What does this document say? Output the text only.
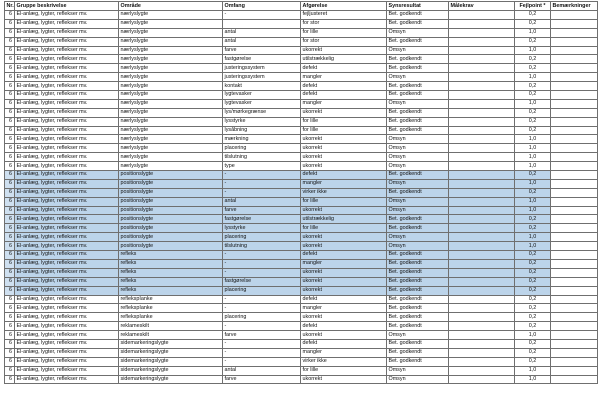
Nr.	Gruppe beskrivelse	Område	Omfang	Afgørelse	Synsresultat	Målekrav	Fejlpoint *	Bemærkninger
6	El-anlæg, lygter, reflekser mv.	nærlyslygte	-	fejljusteret	Bet. godkendt		0,2	
6	El-anlæg, lygter, reflekser mv.	nærlyslygte		for stor	Bet. godkendt		0,2	
6	El-anlæg, lygter, reflekser mv.	nærlyslygte	antal	for lille	Omsyn		1,0	
6	El-anlæg, lygter, reflekser mv.	nærlyslygte	antal	for stor	Bet. godkendt		0,2	
6	El-anlæg, lygter, reflekser mv.	nærlyslygte	farve	ukorrekt	Omsyn		1,0	
6	El-anlæg, lygter, reflekser mv.	nærlyslygte	fastgørelse	utilstrækkelig	Bet. godkendt		0,2	
6	El-anlæg, lygter, reflekser mv.	nærlyslygte	justeringssystem	defekt	Bet. godkendt		0,2	
6	El-anlæg, lygter, reflekser mv.	nærlyslygte	justeringssystem	mangler	Omsyn		1,0	
6	El-anlæg, lygter, reflekser mv.	nærlyslygte	kontakt	defekt	Bet. godkendt		0,2	
6	El-anlæg, lygter, reflekser mv.	nærlyslygte	lygtevasker	defekt	Bet. godkendt		0,2	
6	El-anlæg, lygter, reflekser mv.	nærlyslygte	lygtevasker	mangler	Omsyn		1,0	
6	El-anlæg, lygter, reflekser mv.	nærlyslygte	lys/mørkegrænse	ukorrekt	Bet. godkendt		0,2	
6	El-anlæg, lygter, reflekser mv.	nærlyslygte	lysstyrke	for lille	Bet. godkendt		0,2	
6	El-anlæg, lygter, reflekser mv.	nærlyslygte	lysåbning	for lille	Bet. godkendt		0,2	
6	El-anlæg, lygter, reflekser mv.	nærlyslygte	mærkning	ukorrekt	Omsyn		1,0	
6	El-anlæg, lygter, reflekser mv.	nærlyslygte	placering	ukorrekt	Omsyn		1,0	
6	El-anlæg, lygter, reflekser mv.	nærlyslygte	tilslutning	ukorrekt	Omsyn		1,0	
6	El-anlæg, lygter, reflekser mv.	nærlyslygte	type	ukorrekt	Omsyn		1,0	
6	El-anlæg, lygter, reflekser mv.	positionslygte	-	defekt	Bet. godkendt		0,2	
6	El-anlæg, lygter, reflekser mv.	positionslygte	-	mangler	Omsyn		1,0	
6	El-anlæg, lygter, reflekser mv.	positionslygte	-	virker ikke	Bet. godkendt		0,2	
6	El-anlæg, lygter, reflekser mv.	positionslygte	antal	for lille	Omsyn		1,0	
6	El-anlæg, lygter, reflekser mv.	positionslygte	farve	ukorrekt	Omsyn		1,0	
6	El-anlæg, lygter, reflekser mv.	positionslygte	fastgørelse	utilstrækkelig	Bet. godkendt		0,2	
6	El-anlæg, lygter, reflekser mv.	positionslygte	lysstyrke	for lille	Bet. godkendt		0,2	
6	El-anlæg, lygter, reflekser mv.	positionslygte	placering	ukorrekt	Omsyn		1,0	
6	El-anlæg, lygter, reflekser mv.	positionslygte	tilslutning	ukorrekt	Omsyn		1,0	
6	El-anlæg, lygter, reflekser mv.	refleks	-	defekt	Bet. godkendt		0,2	
6	El-anlæg, lygter, reflekser mv.	refleks	-	mangler	Bet. godkendt		0,2	
6	El-anlæg, lygter, reflekser mv.	refleks	-	ukorrekt	Bet. godkendt		0,2	
6	El-anlæg, lygter, reflekser mv.	refleks	fastgørelse	ukorrekt	Bet. godkendt		0,2	
6	El-anlæg, lygter, reflekser mv.	refleks	placering	ukorrekt	Bet. godkendt		0,2	
6	El-anlæg, lygter, reflekser mv.	reflekspIanke	-	defekt	Bet. godkendt		0,2	
6	El-anlæg, lygter, reflekser mv.	reflekspIanke	-	mangler	Bet. godkendt		0,2	
6	El-anlæg, lygter, reflekser mv.	reflekspIanke	placering	ukorrekt	Bet. godkendt		0,2	
6	El-anlæg, lygter, reflekser mv.	reklameskilt	-	defekt	Bet. godkendt		0,2	
6	El-anlæg, lygter, reflekser mv.	reklameskilt	farve	ukorrekt	Omsyn		1,0	
6	El-anlæg, lygter, reflekser mv.	sidemarkeringslygte	-	defekt	Bet. godkendt		0,2	
6	El-anlæg, lygter, reflekser mv.	sidemarkeringslygte	-	mangler	Bet. godkendt		0,2	
6	El-anlæg, lygter, reflekser mv.	sidemarkeringslygte	-	virker ikke	Bet. godkendt		0,2	
6	El-anlæg, lygter, reflekser mv.	sidemarkeringslygte	antal	for lille	Omsyn		1,0	
6	El-anlæg, lygter, reflekser mv.	sidemarkeringslygte	farve	ukorrekt	Omsyn		1,0	
